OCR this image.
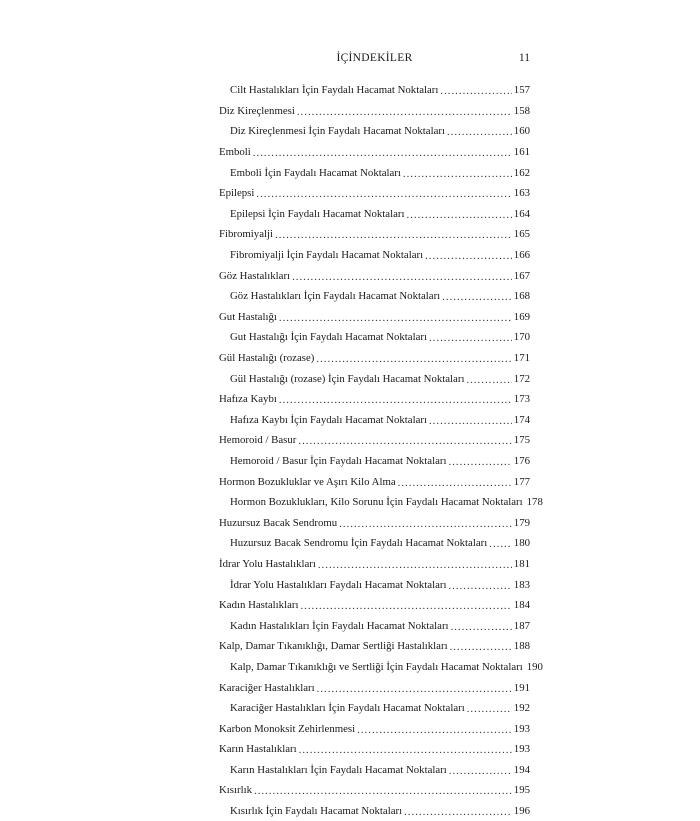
İÇİNDEKİLER	11
Cilt Hastalıkları İçin Faydalı Hacamat Noktaları .....	157
Diz Kireçlenmesi .....	158
Diz Kireçlenmesi İçin Faydalı Hacamat Noktaları .....	160
Emboli .....	161
Emboli İçin Faydalı Hacamat Noktaları .....	162
Epilepsi .....	163
Epilepsi İçin Faydalı Hacamat Noktaları .....	164
Fibromiyalji .....	165
Fibromiyalji İçin Faydalı Hacamat Noktaları .....	166
Göz Hastalıkları .....	167
Göz Hastalıkları İçin Faydalı Hacamat Noktaları .....	168
Gut Hastalığı .....	169
Gut Hastalığı İçin Faydalı Hacamat Noktaları .....	170
Gül Hastalığı (rozase) .....	171
Gül Hastalığı (rozase) İçin Faydalı Hacamat Noktaları .....	172
Hafıza Kaybı .....	173
Hafıza Kaybı İçin Faydalı Hacamat Noktaları .....	174
Hemoroid / Basur .....	175
Hemoroid / Basur İçin Faydalı Hacamat Noktaları .....	176
Hormon Bozukluklar ve Aşırı Kilo Alma .....	177
Hormon Bozuklukları, Kilo Sorunu İçin Faydalı Hacamat Noktaları 178
Huzursuz Bacak Sendromu .....	179
Huzursuz Bacak Sendromu İçin Faydalı Hacamat Noktaları ..... 180
İdrar Yolu Hastalıkları .....	181
İdrar Yolu Hastalıkları Faydalı Hacamat Noktaları .....	183
Kadın Hastalıkları .....	184
Kadın Hastalıkları İçin Faydalı Hacamat Noktaları .....	187
Kalp, Damar Tıkanıklığı, Damar Sertliği Hastalıkları .....	188
Kalp, Damar Tıkanıklığı ve Sertliği İçin Faydalı Hacamat Noktaları 190
Karaciğer Hastalıkları .....	191
Karaciğer Hastalıkları İçin Faydalı Hacamat Noktaları .....	192
Karbon Monoksit Zehirlenmesi .....	193
Karın Hastalıkları .....	193
Karın Hastalıkları İçin Faydalı Hacamat Noktaları .....	194
Kısırlık .....	195
Kısırlık İçin Faydalı Hacamat Noktaları .....	196
